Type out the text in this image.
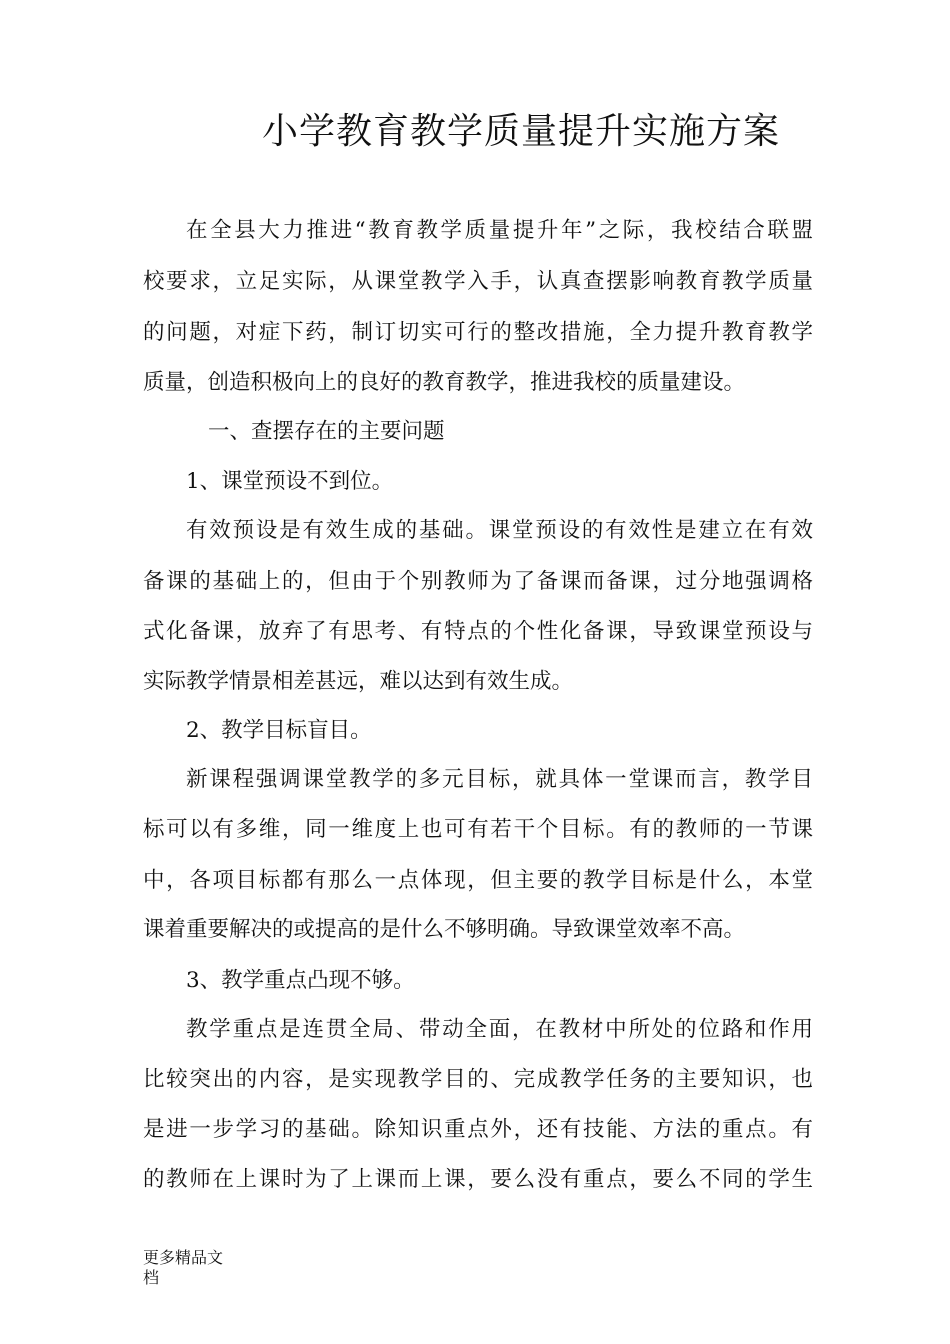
小学教育教学质量提升实施方案
在全县大力推进“教育教学质量提升年”之际，我校结合联盟
校要求，立足实际，从课堂教学入手，认真查摆影响教育教学质量
的问题，对症下药，制订切实可行的整改措施，全力提升教育教学
质量，创造积极向上的良好的教育教学，推进我校的质量建设。
一、查摆存在的主要问题
1、课堂预设不到位。
有效预设是有效生成的基础。课堂预设的有效性是建立在有效
备课的基础上的，但由于个别教师为了备课而备课，过分地强调格
式化备课，放弃了有思考、有特点的个性化备课，导致课堂预设与
实际教学情景相差甚远，难以达到有效生成。
2、教学目标盲目。
新课程强调课堂教学的多元目标，就具体一堂课而言，教学目
标可以有多维，同一维度上也可有若干个目标。有的教师的一节课
中，各项目标都有那么一点体现，但主要的教学目标是什么，本堂
课着重要解决的或提高的是什么不够明确。导致课堂效率不高。
3、教学重点凸现不够。
教学重点是连贯全局、带动全面，在教材中所处的位路和作用
比较突出的内容，是实现教学目的、完成教学任务的主要知识，也
是进一步学习的基础。除知识重点外，还有技能、方法的重点。有
的教师在上课时为了上课而上课，要么没有重点，要么不同的学生
更多精品文档
